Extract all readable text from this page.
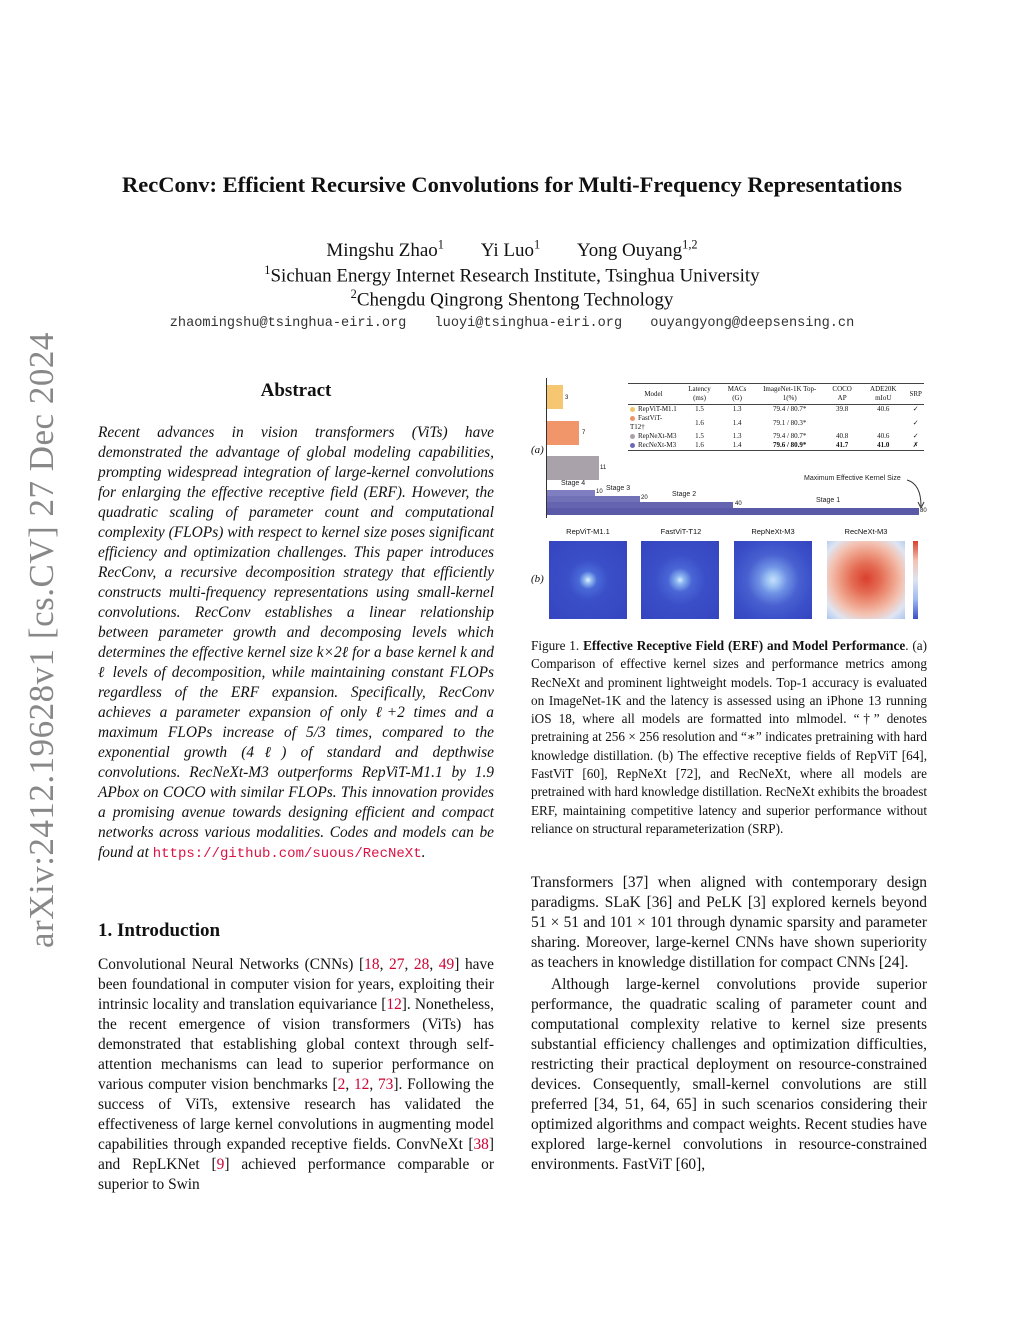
arXiv:2412.19628v1 [cs.CV] 27 Dec 2024
RecConv: Efficient Recursive Convolutions for Multi-Frequency Representations
Mingshu Zhao$^1$ Yi Luo$^1$ Yong Ouyang$^{1,2}$
$^1$Sichuan Energy Internet Research Institute, Tsinghua University
$^2$Chengdu Qingrong Shentong Technology
zhaomingshu@tsinghua-eiri.org luoyi@tsinghua-eiri.org ouyangyong@deepsensing.cn
Abstract
Recent advances in vision transformers (ViTs) have demonstrated the advantage of global modeling capabilities, prompting widespread integration of large-kernel convolutions for enlarging the effective receptive field (ERF). However, the quadratic scaling of parameter count and computational complexity (FLOPs) with respect to kernel size poses significant efficiency and optimization challenges. This paper introduces RecConv, a recursive decomposition strategy that efficiently constructs multi-frequency representations using small-kernel convolutions. RecConv establishes a linear relationship between parameter growth and decomposing levels which determines the effective kernel size k×2ℓ for a base kernel k and ℓ levels of decomposition, while maintaining constant FLOPs regardless of the ERF expansion. Specifically, RecConv achieves a parameter expansion of only ℓ+2 times and a maximum FLOPs increase of 5/3 times, compared to the exponential growth (4ℓ) of standard and depthwise convolutions. RecNeXt-M3 outperforms RepViT-M1.1 by 1.9 APbox on COCO with similar FLOPs. This innovation provides a promising avenue towards designing efficient and compact networks across various modalities. Codes and models can be found at https://github.com/suous/RecNeXt.
1. Introduction
Convolutional Neural Networks (CNNs) [18, 27, 28, 49] have been foundational in computer vision for years, exploiting their intrinsic locality and translation equivariance [12]. Nonetheless, the recent emergence of vision transformers (ViTs) has demonstrated that establishing global context through self-attention mechanisms can lead to superior performance on various computer vision benchmarks [2, 12, 73]. Following the success of ViTs, extensive research has validated the effectiveness of large kernel convolutions in augmenting model capabilities through expanded receptive fields. ConvNeXt [38] and RepLKNet [9] achieved performance comparable or superior to Swin
(a)
(b)
3
7
11
Stage 4
10 Stage 3
20	Stage 2
40	Stage 1
80
Maximum Effective Kernel Size
Model	Latency (ms)	MACs (G)	ImageNet-1K Top-1(%)	COCO AP	ADE20K mIoU	SRP
RepViT-M1.1	1.5	1.3	79.4 / 80.7*	39.8	40.6	✓
FastViT-T12†	1.6	1.4	79.1 / 80.3*			✓
RepNeXt-M3	1.5	1.3	79.4 / 80.7*	40.8	40.6	✓
RecNeXt-M3	1.6	1.4	79.6 / 80.9*	41.7	41.0	✗
RepViT-M1.1	FastViT-T12	RepNeXt-M3	RecNeXt-M3
Figure 1. Effective Receptive Field (ERF) and Model Performance. (a) Comparison of effective kernel sizes and performance metrics among RecNeXt and prominent lightweight models. Top-1 accuracy is evaluated on ImageNet-1K and the latency is assessed using an iPhone 13 running iOS 18, where all models are formatted into mlmodel. “†” denotes pretraining at 256 × 256 resolution and “∗” indicates pretraining with hard knowledge distillation. (b) The effective receptive fields of RepViT [64], FastViT [60], RepNeXt [72], and RecNeXt, where all models are pretrained with hard knowledge distillation. RecNeXt exhibits the broadest ERF, maintaining competitive latency and superior performance without reliance on structural reparameterization (SRP).

Transformers [37] when aligned with contemporary design paradigms. SLaK [36] and PeLK [3] explored kernels beyond 51 × 51 and 101 × 101 through dynamic sparsity and parameter sharing. Moreover, large-kernel CNNs have shown superiority as teachers in knowledge distillation for compact CNNs [24].

Although large-kernel convolutions provide superior performance, the quadratic scaling of parameter count and computational complexity relative to kernel size presents substantial efficiency challenges and optimization difficulties, restricting their practical deployment on resource-constrained devices. Consequently, small-kernel convolutions are still preferred [34, 51, 64, 65] in such scenarios considering their optimized algorithms and compact weights. Recent studies have explored large-kernel convolutions in resource-constrained environments. FastViT [60],
